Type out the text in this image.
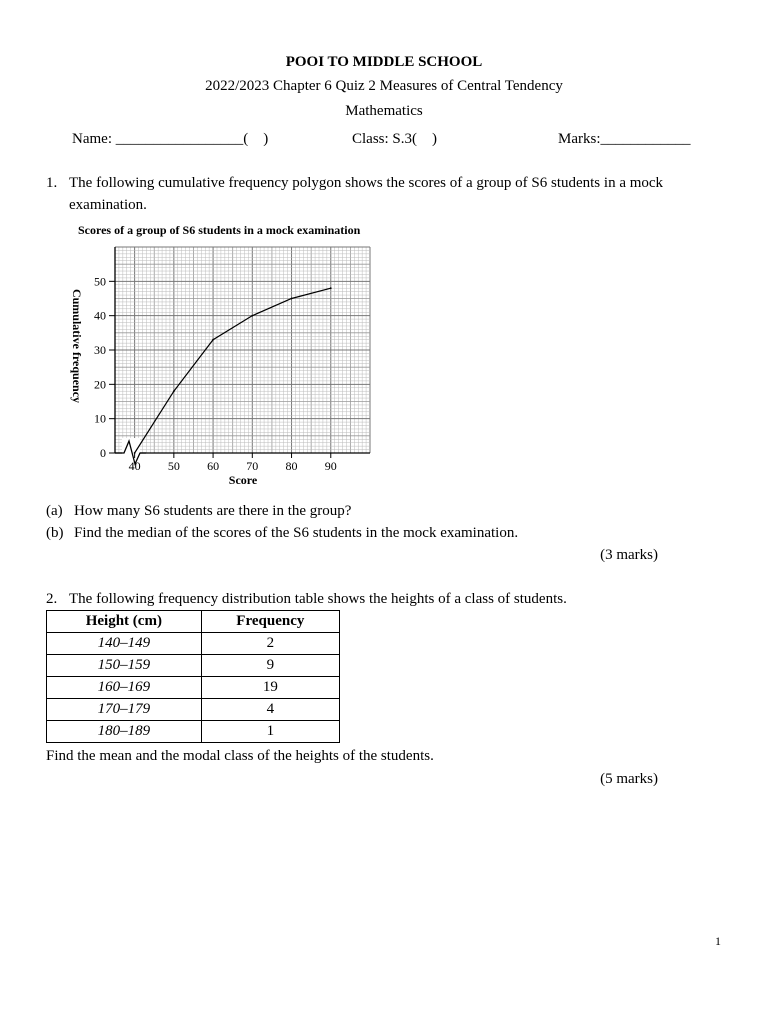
POOI TO MIDDLE SCHOOL
2022/2023 Chapter 6 Quiz 2 Measures of Central Tendency
Mathematics
Name: _________________(    )	Class: S.3(    )	Marks:____________
1. The following cumulative frequency polygon shows the scores of a group of S6 students in a mock
examination.
Scores of a group of S6 students in a mock examination
0
10
20
30
40
50
40 50 60 70 80 90
Score
Cumulative frequency
(a) How many S6 students are there in the group?
(b) Find the median of the scores of the S6 students in the mock examination.
(3 marks)
2. The following frequency distribution table shows the heights of a class of students.
Height (cm)	Frequency
140–149	2
150–159	9
160–169	19
170–179	4
180–189	1
Find the mean and the modal class of the heights of the students.
(5 marks)
1
